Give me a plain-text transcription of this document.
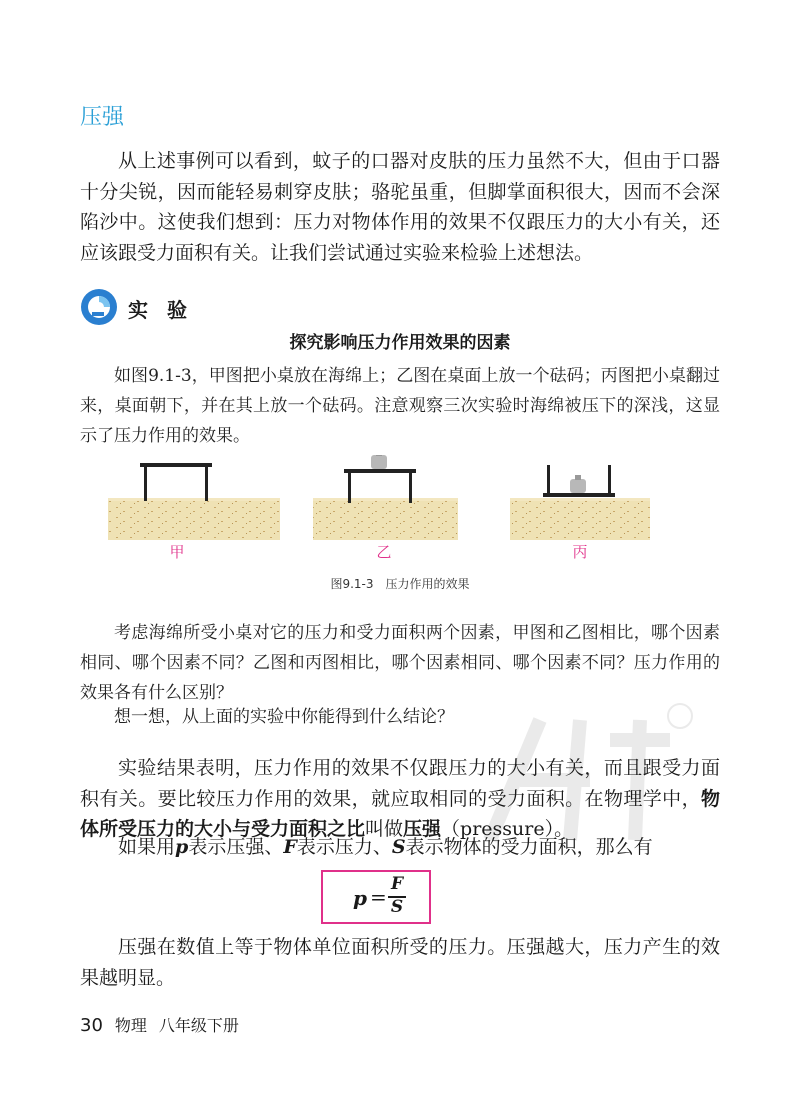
压强

从上述事例可以看到，蚊子的口器对皮肤的压力虽然不大，但由于口器十分尖锐，因而能轻易刺穿皮肤；骆驼虽重，但脚掌面积很大，因而不会深陷沙中。这使我们想到：压力对物体作用的效果不仅跟压力的大小有关，还应该跟受力面积有关。让我们尝试通过实验来检验上述想法。

实 验
探究影响压力作用效果的因素

如图9.1-3，甲图把小桌放在海绵上；乙图在桌面上放一个砝码；丙图把小桌翻过来，桌面朝下，并在其上放一个砝码。注意观察三次实验时海绵被压下的深浅，这显示了压力作用的效果。

甲	乙	丙
图9.1-3　压力作用的效果

考虑海绵所受小桌对它的压力和受力面积两个因素，甲图和乙图相比，哪个因素相同、哪个因素不同？乙图和丙图相比，哪个因素相同、哪个因素不同？压力作用的效果各有什么区别？

想一想，从上面的实验中你能得到什么结论？

实验结果表明，压力作用的效果不仅跟压力的大小有关，而且跟受力面积有关。要比较压力作用的效果，就应取相同的受力面积。在物理学中，物体所受压力的大小与受力面积之比叫做压强（pressure）。

如果用p表示压强、F表示压力、S表示物体的受力面积，那么有

p =
F
S

压强在数值上等于物体单位面积所受的压力。压强越大，压力产生的效果越明显。

30 物理 八年级下册
